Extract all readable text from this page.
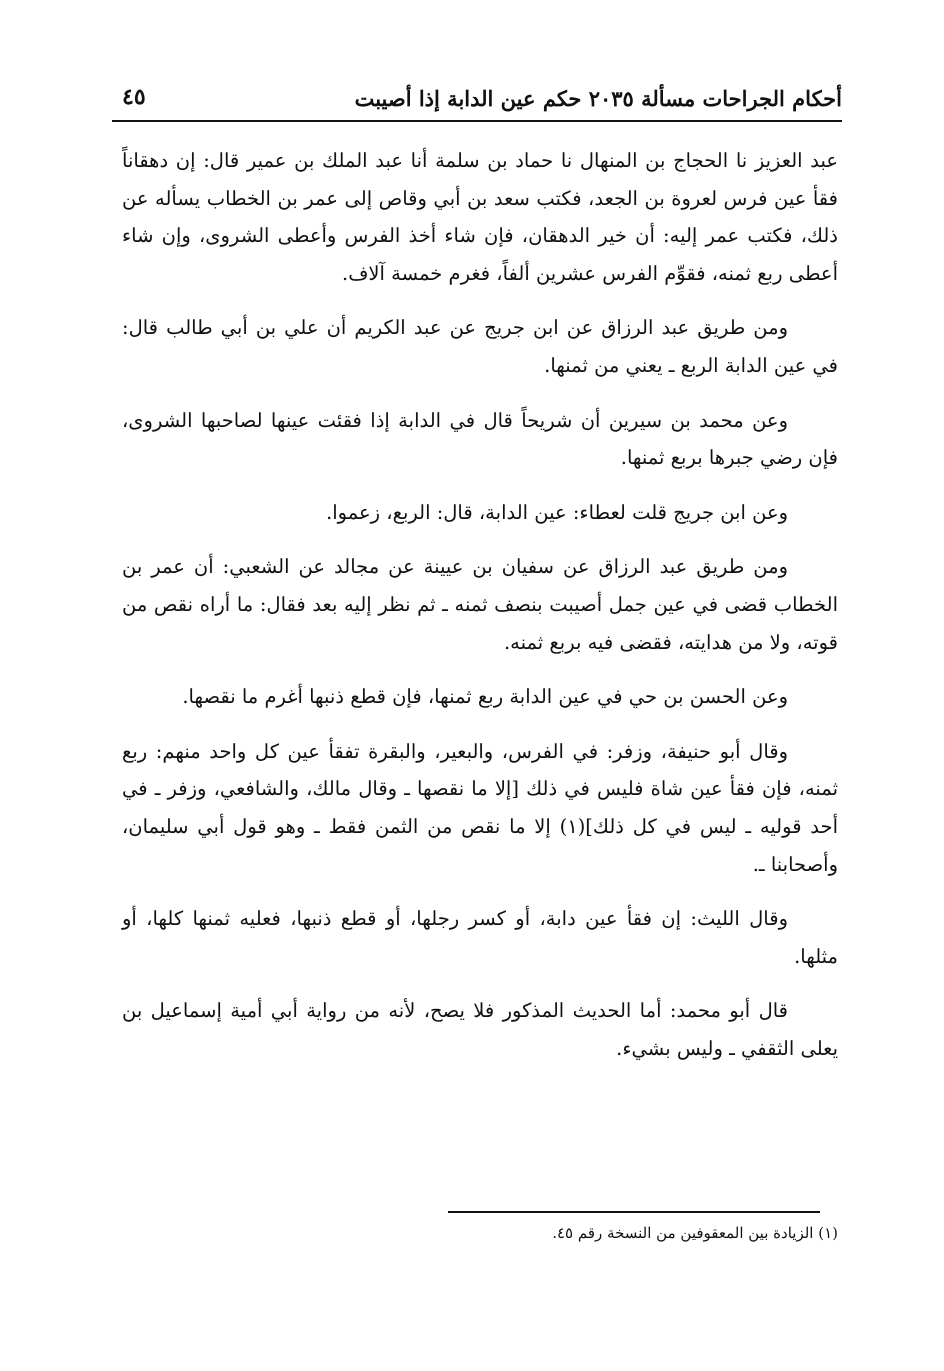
أحكام الجراحات مسألة ٢٠٣٥ حكم عين الدابة إذا أصيبت
٤٥

عبد العزيز نا الحجاج بن المنهال نا حماد بن سلمة أنا عبد الملك بن عمير قال: إن دهقاناً فقأ عين فرس لعروة بن الجعد، فكتب سعد بن أبي وقاص إلى عمر بن الخطاب يسأله عن ذلك، فكتب عمر إليه: أن خير الدهقان، فإن شاء أخذ الفرس وأعطى الشروى، وإن شاء أعطى ربع ثمنه، فقوِّم الفرس عشرين ألفاً، فغرم خمسة آلاف.

ومن طريق عبد الرزاق عن ابن جريج عن عبد الكريم أن علي بن أبي طالب قال: في عين الدابة الربع ـ يعني من ثمنها.

وعن محمد بن سيرين أن شريحاً قال في الدابة إذا فقئت عينها لصاحبها الشروى، فإن رضي جبرها بربع ثمنها.

وعن ابن جريج قلت لعطاء: عين الدابة، قال: الربع، زعموا.

ومن طريق عبد الرزاق عن سفيان بن عيينة عن مجالد عن الشعبي: أن عمر بن الخطاب قضى في عين جمل أصيبت بنصف ثمنه ـ ثم نظر إليه بعد فقال: ما أراه نقص من قوته، ولا من هدايته، فقضى فيه بربع ثمنه.

وعن الحسن بن حي في عين الدابة ربع ثمنها، فإن قطع ذنبها أغرم ما نقصها.

وقال أبو حنيفة، وزفر: في الفرس، والبعير، والبقرة تفقأ عين كل واحد منهم: ربع ثمنه، فإن فقأ عين شاة فليس في ذلك [إلا ما نقصها ـ وقال مالك، والشافعي، وزفر ـ في أحد قوليه ـ ليس في كل ذلك](١) إلا ما نقص من الثمن فقط ـ وهو قول أبي سليمان، وأصحابنا ـ.

وقال الليث: إن فقأ عين دابة، أو كسر رجلها، أو قطع ذنبها، فعليه ثمنها كلها، أو مثلها.

قال أبو محمد: أما الحديث المذكور فلا يصح، لأنه من رواية أبي أمية إسماعيل بن يعلى الثقفي ـ وليس بشيء.

(١) الزيادة بين المعقوفين من النسخة رقم ٤٥.
